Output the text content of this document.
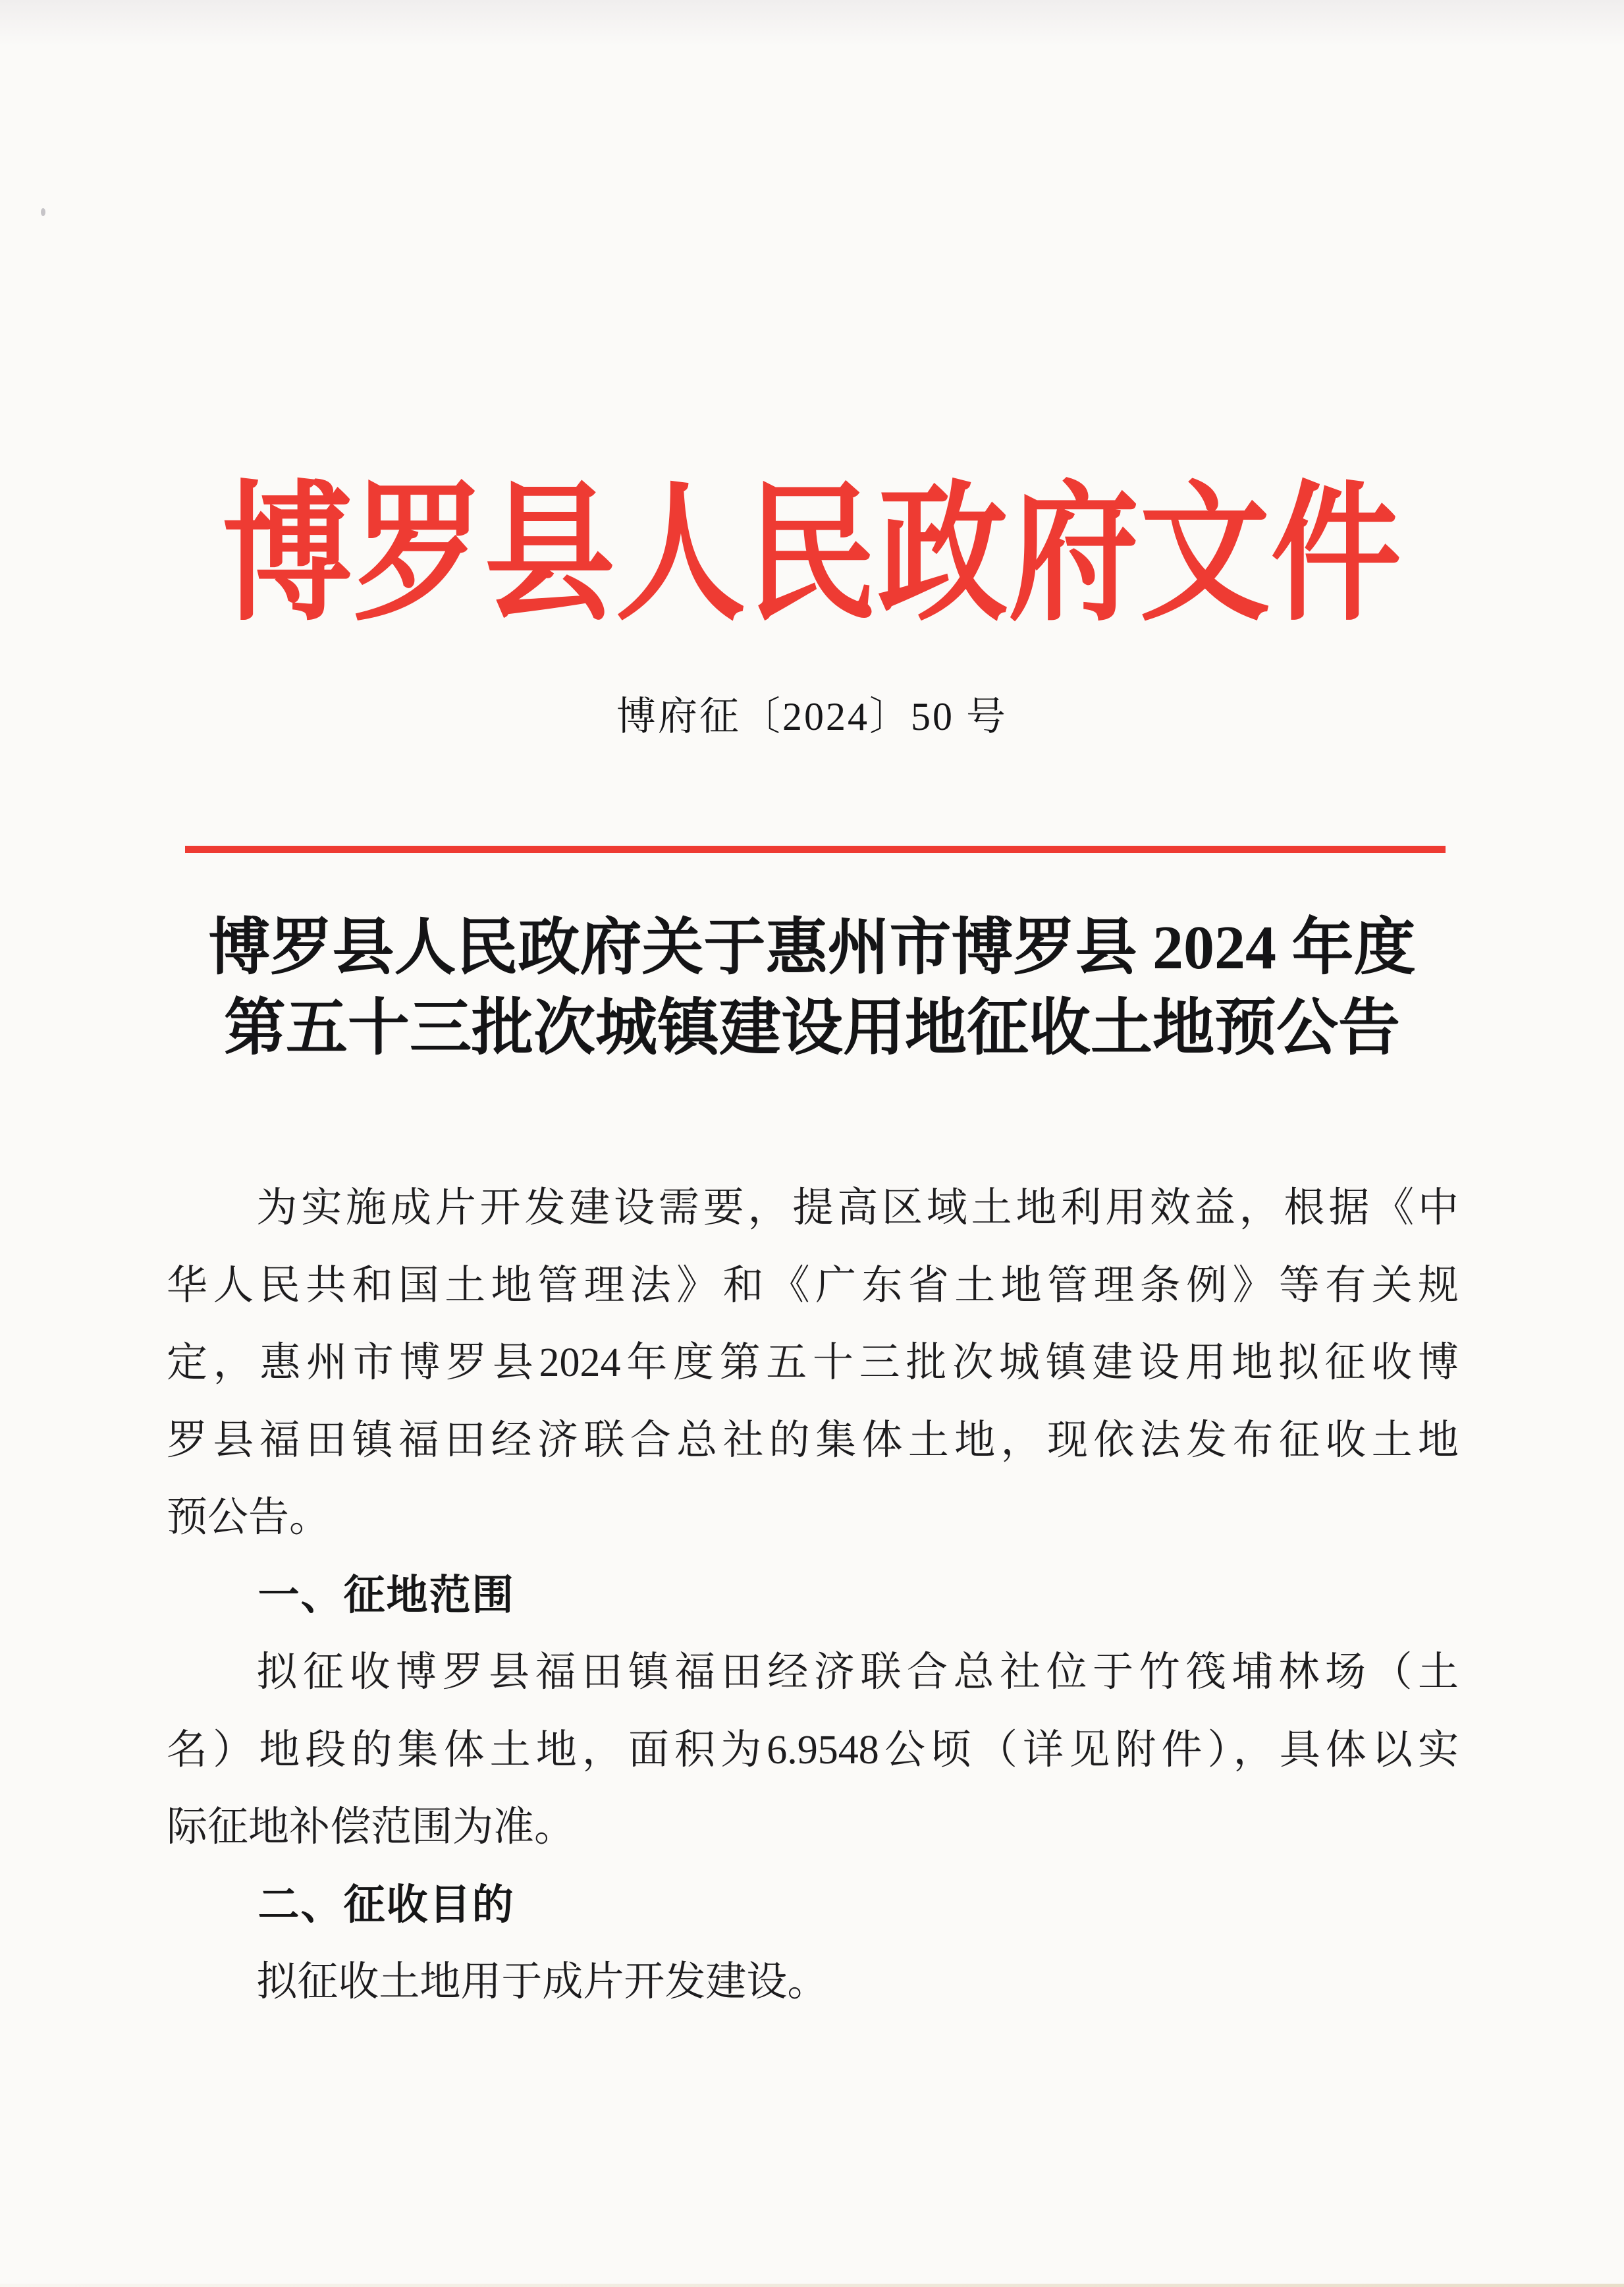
博罗县人民政府文件
博府征〔2024〕50 号
博罗县人民政府关于惠州市博罗县 2024 年度
第五十三批次城镇建设用地征收土地预公告
为实施成片开发建设需要，提高区域土地利用效益，根据《中
华人民共和国土地管理法》和《广东省土地管理条例》等有关规
定，惠州市博罗县2024年度第五十三批次城镇建设用地拟征收博
罗县福田镇福田经济联合总社的集体土地，现依法发布征收土地
预公告。
一、征地范围
拟征收博罗县福田镇福田经济联合总社位于竹筏埔林场（土
名）地段的集体土地，面积为6.9548公顷（详见附件），具体以实
际征地补偿范围为准。
二、征收目的
拟征收土地用于成片开发建设。
